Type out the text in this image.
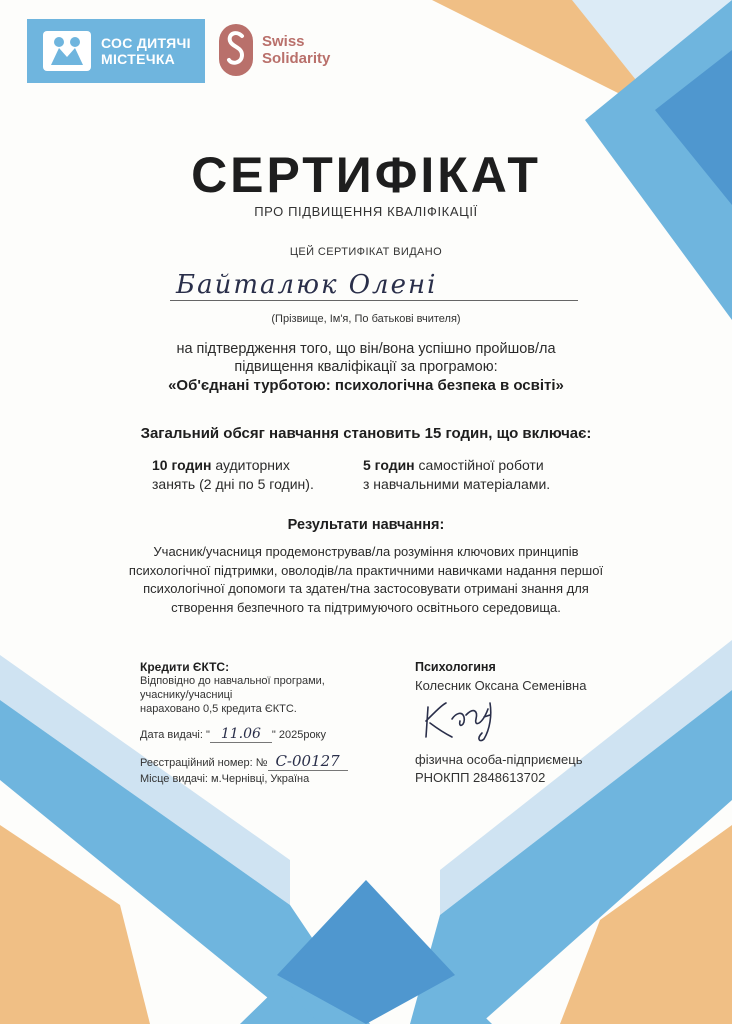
СОС ДИТЯЧІ
МІСТЕЧКА
Swiss
Solidarity
СЕРТИФІКАТ
ПРО ПІДВИЩЕННЯ КВАЛІФІКАЦІЇ
ЦЕЙ СЕРТИФІКАТ ВИДАНО
Байталюк Олені
(Прізвище, Ім'я, По батькові вчителя)
на підтвердження того, що він/вона успішно пройшов/ла
підвищення кваліфікації за програмою:
«Об'єднані турботою: психологічна безпека в освіті»
Загальний обсяг навчання становить 15 годин, що включає:
10 годин аудиторних
занять (2 дні по 5 годин).
5 годин самостійної роботи
з навчальними матеріалами.
Результати навчання:
Учасник/учасниця продемонстрував/ла розуміння ключових принципів
психологічної підтримки, оволодів/ла практичними навичками надання першої
психологічної допомоги та здатен/тна застосовувати отримані знання для
створення безпечного та підтримуючого освітнього середовища.
Кредити ЄКТС:
Відповідно до навчальної програми,
учаснику/учасниці
нараховано 0,5 кредита ЄКТС.
Дата видачі: " 11.06 " 2025року
Реєстраційний номер: № С-00127
Місце видачі: м.Чернівці, Україна
Психологиня
Колесник Оксана Семенівна
фізична особа-підприємець
РНОКПП 2848613702
